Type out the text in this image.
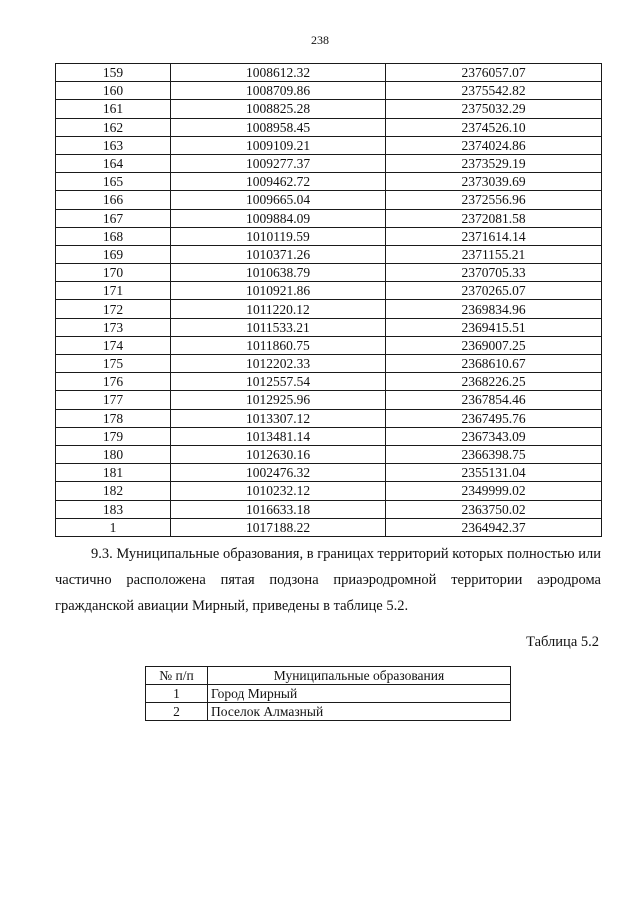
238
159	1008612.32	2376057.07
160	1008709.86	2375542.82
161	1008825.28	2375032.29
162	1008958.45	2374526.10
163	1009109.21	2374024.86
164	1009277.37	2373529.19
165	1009462.72	2373039.69
166	1009665.04	2372556.96
167	1009884.09	2372081.58
168	1010119.59	2371614.14
169	1010371.26	2371155.21
170	1010638.79	2370705.33
171	1010921.86	2370265.07
172	1011220.12	2369834.96
173	1011533.21	2369415.51
174	1011860.75	2369007.25
175	1012202.33	2368610.67
176	1012557.54	2368226.25
177	1012925.96	2367854.46
178	1013307.12	2367495.76
179	1013481.14	2367343.09
180	1012630.16	2366398.75
181	1002476.32	2355131.04
182	1010232.12	2349999.02
183	1016633.18	2363750.02
1	1017188.22	2364942.37

9.3. Муниципальные образования, в границах территорий которых полностью или частично расположена пятая подзона приаэродромной территории аэродрома гражданской авиации Мирный, приведены в таблице 5.2.

Таблица 5.2
№ п/п	Муниципальные образования
1	Город Мирный
2	Поселок Алмазный
